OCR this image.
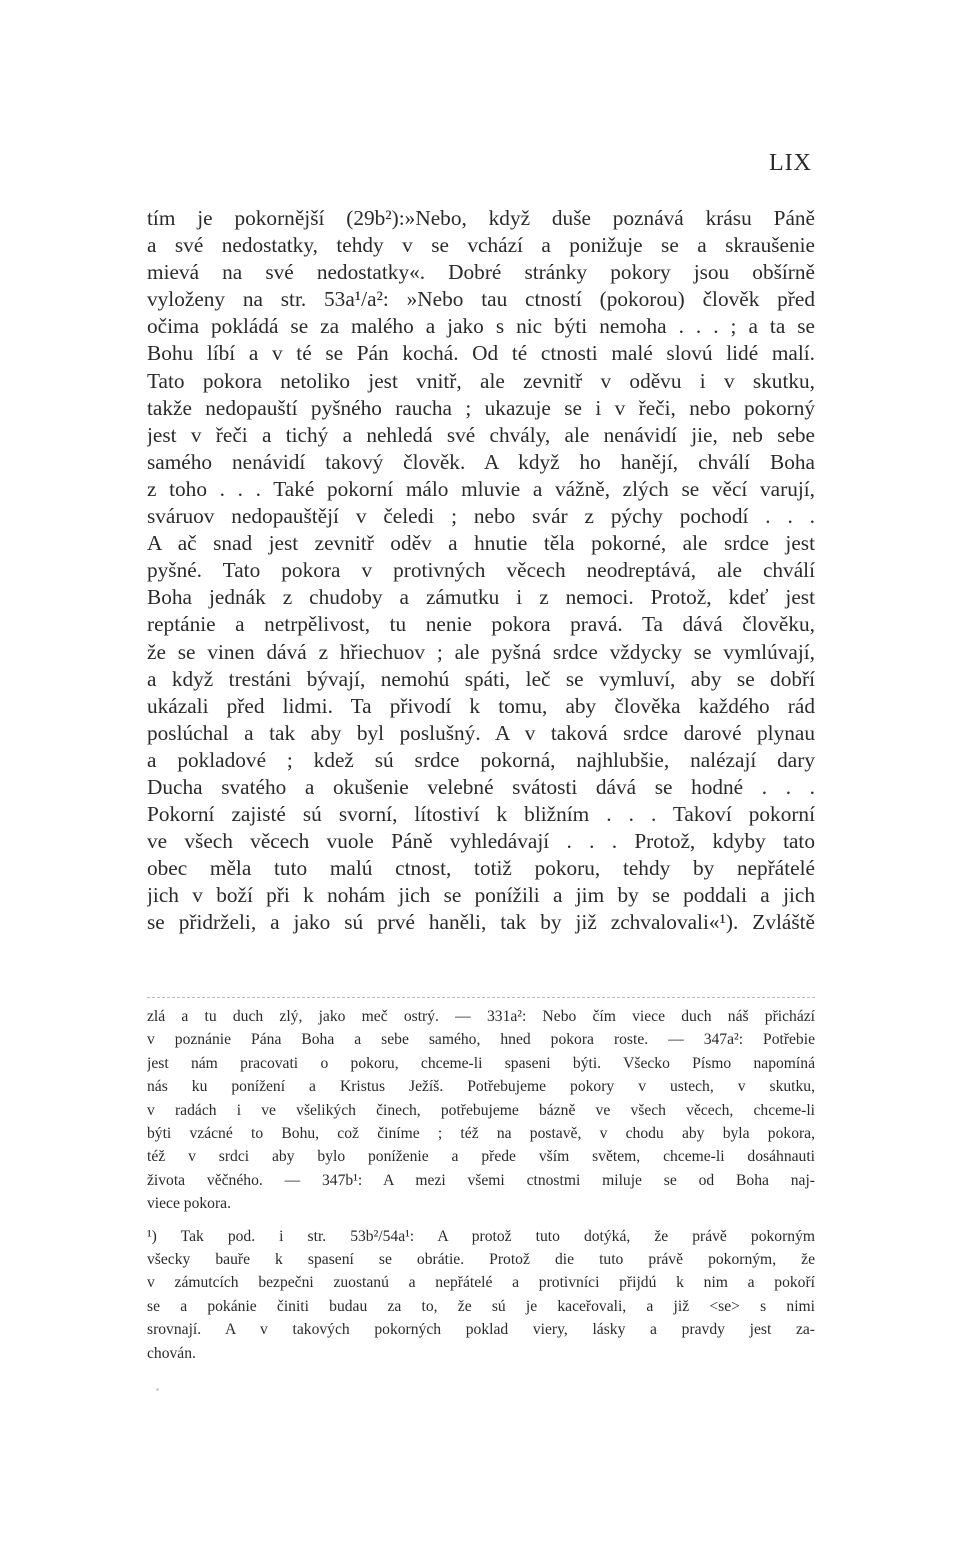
LIX
tím je pokornější (29b²):»Nebo, když duše poznává krásu Páně
a své nedostatky, tehdy v se vchází a ponižuje se a skraušenie
mievá na své nedostatky«. Dobré stránky pokory jsou obšírně
vyloženy na str. 53a¹/a²: »Nebo tau ctností (pokorou) člověk před
očima pokládá se za malého a jako s nic býti nemoha . . . ; a ta se
Bohu líbí a v té se Pán kochá. Od té ctnosti malé slovú lidé malí.
Tato pokora netoliko jest vnitř, ale zevnitř v oděvu i v skutku,
takže nedopauští pyšného raucha ; ukazuje se i v řeči, nebo pokorný
jest v řeči a tichý a nehledá své chvály, ale nenávidí jie, neb sebe
samého nenávidí takový člověk. A když ho hanějí, chválí Boha
z toho . . . Také pokorní málo mluvie a vážně, zlých se věcí varují,
sváruov nedopauštějí v čeledi ; nebo svár z pýchy pochodí . . .
A ač snad jest zevnitř oděv a hnutie těla pokorné, ale srdce jest
pyšné. Tato pokora v protivných věcech neodreptává, ale chválí
Boha jednák z chudoby a zámutku i z nemoci. Protož, kdeť jest
reptánie a netrpělivost, tu nenie pokora pravá. Ta dává člověku,
že se vinen dává z hřiechuov ; ale pyšná srdce vždycky se vymlúvají,
a když trestáni bývají, nemohú spáti, leč se vymluví, aby se dobří
ukázali před lidmi. Ta přivodí k tomu, aby člověka každého rád
poslúchal a tak aby byl poslušný. A v taková srdce darové plynau
a pokladové ; kdež sú srdce pokorná, najhlubšie, nalézají dary
Ducha svatého a okušenie velebné svátosti dává se hodné . . .
Pokorní zajisté sú svorní, lítostiví k bližním . . . Takoví pokorní
ve všech věcech vuole Páně vyhledávají . . . Protož, kdyby tato
obec měla tuto malú ctnost, totiž pokoru, tehdy by nepřátelé
jich v boží při k nohám jich se ponížili a jim by se poddali a jich
se přidrželi, a jako sú prvé haněli, tak by již zchvalovali«¹). Zvláště
zlá a tu duch zlý, jako meč ostrý. — 331a²: Nebo čím viece duch náš přichází
v poznánie Pána Boha a sebe samého, hned pokora roste. — 347a²: Potřebie
jest nám pracovati o pokoru, chceme-li spaseni býti. Všecko Písmo napomíná
nás ku ponížení a Kristus Ježíš. Potřebujeme pokory v ustech, v skutku,
v radách i ve všelikých činech, potřebujeme bázně ve všech věcech, chceme-li
býti vzácné to Bohu, což činíme ; též na postavě, v chodu aby byla pokora,
též v srdci aby bylo poníženie a přede vším světem, chceme-li dosáhnauti
života věčného. — 347b¹: A mezi všemi ctnostmi miluje se od Boha naj-
viece pokora.
¹) Tak pod. i str. 53b²/54a¹: A protož tuto dotýká, že právě pokorným
všecky bauře k spasení se obrátie. Protož die tuto právě pokorným, že
v zámutcích bezpečni zuostanú a nepřátelé a protivníci přijdú k nim a pokoří
se a pokánie činiti budau za to, že sú je kaceřovali, a již <se> s nimi
srovnají. A v takových pokorných poklad viery, lásky a pravdy jest za-
chován.
